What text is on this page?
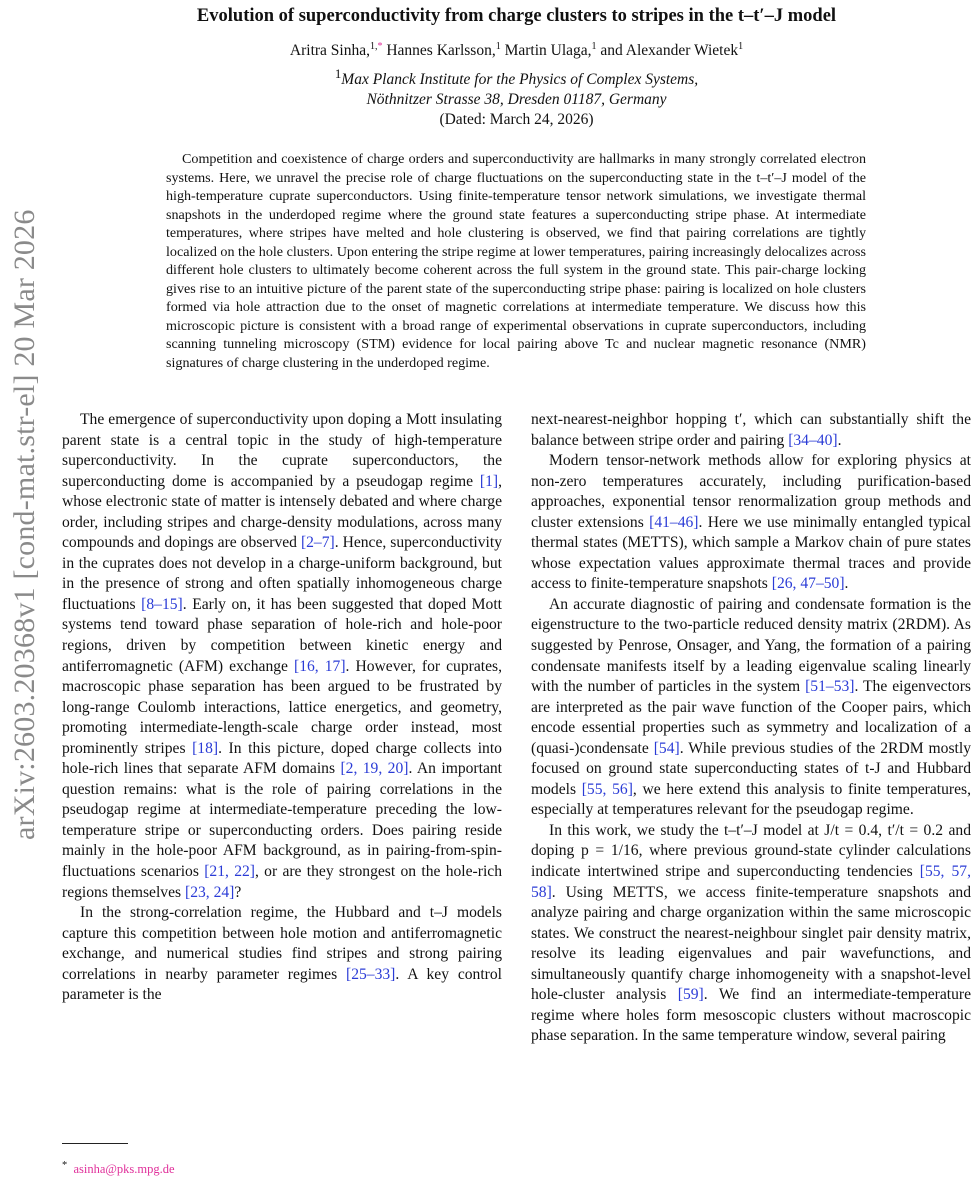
arXiv:2603.20368v1 [cond-mat.str-el] 20 Mar 2026
Evolution of superconductivity from charge clusters to stripes in the t–t′–J model
Aritra Sinha,$^{1,*}$ Hannes Karlsson,$^1$ Martin Ulaga,$^1$ and Alexander Wietek$^1$
$^1$Max Planck Institute for the Physics of Complex Systems,
Nöthnitzer Strasse 38, Dresden 01187, Germany
(Dated: March 24, 2026)
Competition and coexistence of charge orders and superconductivity are hallmarks in many strongly correlated electron systems. Here, we unravel the precise role of charge fluctuations on the superconducting state in the t–t′–J model of the high-temperature cuprate superconductors. Using finite-temperature tensor network simulations, we investigate thermal snapshots in the underdoped regime where the ground state features a superconducting stripe phase. At intermediate temperatures, where stripes have melted and hole clustering is observed, we find that pairing correlations are tightly localized on the hole clusters. Upon entering the stripe regime at lower temperatures, pairing increasingly delocalizes across different hole clusters to ultimately become coherent across the full system in the ground state. This pair-charge locking gives rise to an intuitive picture of the parent state of the superconducting stripe phase: pairing is localized on hole clusters formed via hole attraction due to the onset of magnetic correlations at intermediate temperature. We discuss how this microscopic picture is consistent with a broad range of experimental observations in cuprate superconductors, including scanning tunneling microscopy (STM) evidence for local pairing above Tc and nuclear magnetic resonance (NMR) signatures of charge clustering in the underdoped regime.

The emergence of superconductivity upon doping a Mott insulating parent state is a central topic in the study of high-temperature superconductivity. In the cuprate superconductors, the superconducting dome is accompanied by a pseudogap regime [1], whose electronic state of matter is intensely debated and where charge order, including stripes and charge-density modulations, across many compounds and dopings are observed [2–7]. Hence, superconductivity in the cuprates does not develop in a charge-uniform background, but in the presence of strong and often spatially inhomogeneous charge fluctuations [8–15]. Early on, it has been suggested that doped Mott systems tend toward phase separation of hole-rich and hole-poor regions, driven by competition between kinetic energy and antiferromagnetic (AFM) exchange [16, 17]. However, for cuprates, macroscopic phase separation has been argued to be frustrated by long-range Coulomb interactions, lattice energetics, and geometry, promoting intermediate-length-scale charge order instead, most prominently stripes [18]. In this picture, doped charge collects into hole-rich lines that separate AFM domains [2, 19, 20]. An important question remains: what is the role of pairing correlations in the pseudogap regime at intermediate-temperature preceding the low-temperature stripe or superconducting orders. Does pairing reside mainly in the hole-poor AFM background, as in pairing-from-spin-fluctuations scenarios [21, 22], or are they strongest on the hole-rich regions themselves [23, 24]?

In the strong-correlation regime, the Hubbard and t–J models capture this competition between hole motion and antiferromagnetic exchange, and numerical studies find stripes and strong pairing correlations in nearby parameter regimes [25–33]. A key control parameter is the

next-nearest-neighbor hopping t′, which can substantially shift the balance between stripe order and pairing [34–40].

Modern tensor-network methods allow for exploring physics at non-zero temperatures accurately, including purification-based approaches, exponential tensor renormalization group methods and cluster extensions [41–46]. Here we use minimally entangled typical thermal states (METTS), which sample a Markov chain of pure states whose expectation values approximate thermal traces and provide access to finite-temperature snapshots [26, 47–50].

An accurate diagnostic of pairing and condensate formation is the eigenstructure to the two-particle reduced density matrix (2RDM). As suggested by Penrose, Onsager, and Yang, the formation of a pairing condensate manifests itself by a leading eigenvalue scaling linearly with the number of particles in the system [51–53]. The eigenvectors are interpreted as the pair wave function of the Cooper pairs, which encode essential properties such as symmetry and localization of a (quasi-)condensate [54]. While previous studies of the 2RDM mostly focused on ground state superconducting states of t-J and Hubbard models [55, 56], we here extend this analysis to finite temperatures, especially at temperatures relevant for the pseudogap regime.

In this work, we study the t–t′–J model at J/t = 0.4, t′/t = 0.2 and doping p = 1/16, where previous ground-state cylinder calculations indicate intertwined stripe and superconducting tendencies [55, 57, 58]. Using METTS, we access finite-temperature snapshots and analyze pairing and charge organization within the same microscopic states. We construct the nearest-neighbour singlet pair density matrix, resolve its leading eigenvalues and pair wavefunctions, and simultaneously quantify charge inhomogeneity with a snapshot-level hole-cluster analysis [59]. We find an intermediate-temperature regime where holes form mesoscopic clusters without macroscopic phase separation. In the same temperature window, several pairing

* asinha@pks.mpg.de
